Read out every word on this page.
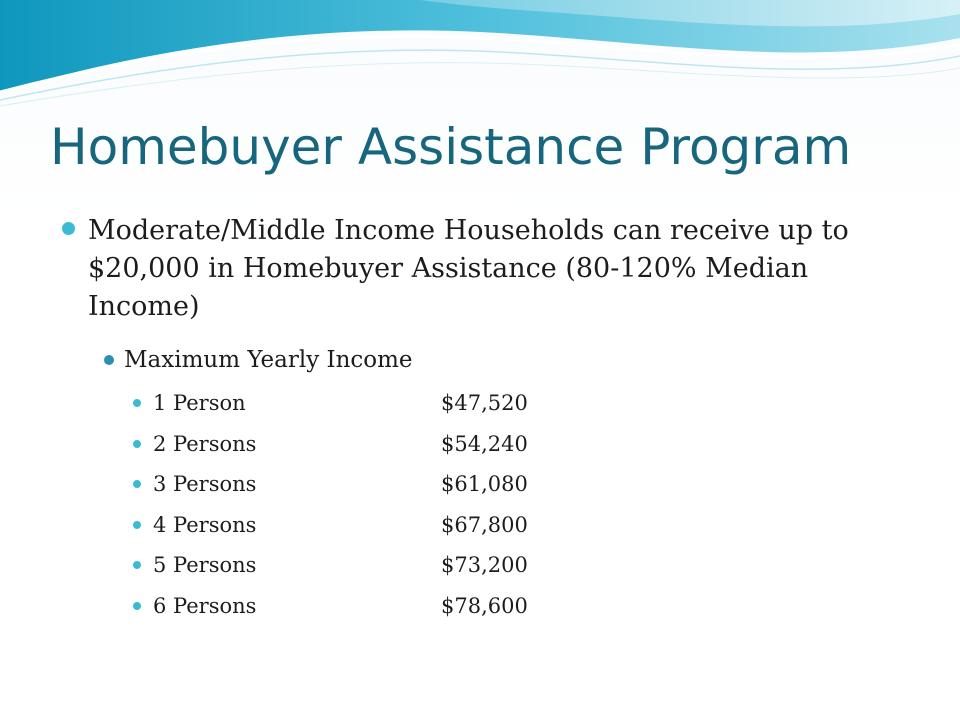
Homebuyer Assistance Program
Moderate/Middle Income Households can receive up to $20,000 in Homebuyer Assistance (80-120% Median Income)
Maximum Yearly Income
1 Person	$47,520
2 Persons	$54,240
3 Persons	$61,080
4 Persons	$67,800
5 Persons	$73,200
6 Persons	$78,600
